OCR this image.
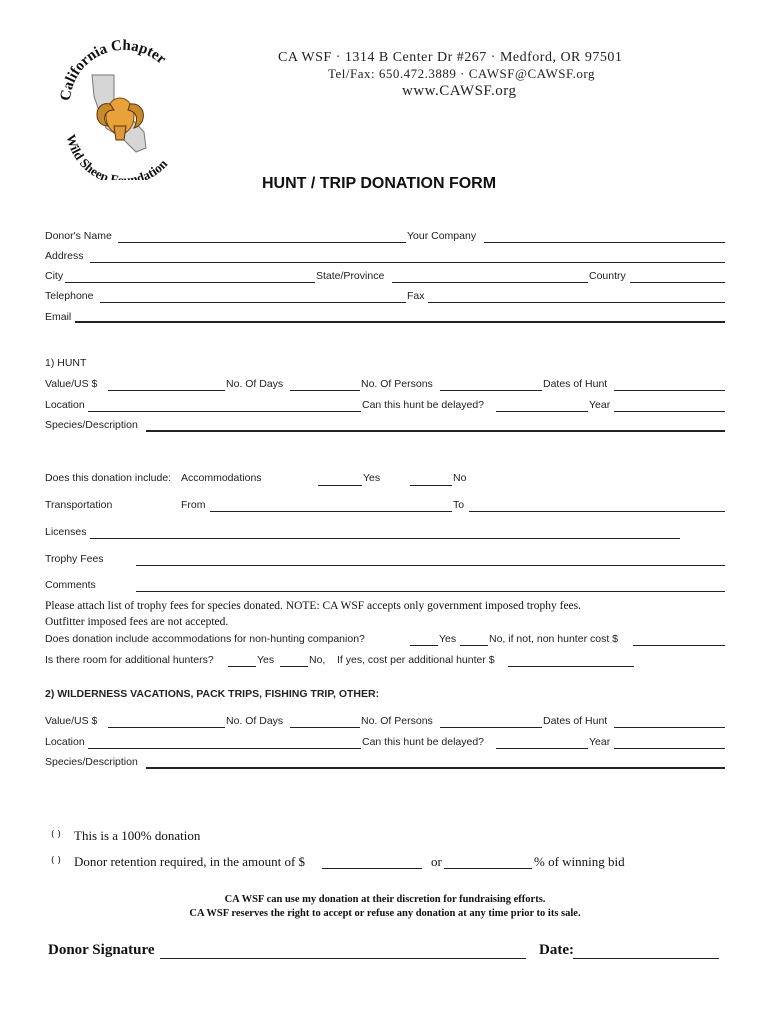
California Chapter
Wild Sheep Foundation
CA WSF · 1314 B Center Dr #267 · Medford, OR 97501
Tel/Fax: 650.472.3889 · CAWSF@CAWSF.org
www.CAWSF.org
HUNT / TRIP DONATION FORM
Donor's Name	Your Company
Address
City	State/Province	Country
Telephone	Fax
Email
1) HUNT
Value/US $	No. Of Days	No. Of Persons	Dates of Hunt
Location	Can this hunt be delayed?	Year
Species/Description
Does this donation include: Accommodations	Yes	No
Transportation	From	To
Licenses
Trophy Fees
Comments
Please attach list of trophy fees for species donated. NOTE: CA WSF accepts only government imposed trophy fees.
Outfitter imposed fees are not accepted.
Does donation include accommodations for non-hunting companion?	Yes	No, if not, non hunter cost $
Is there room for additional hunters?	Yes	No, If yes, cost per additional hunter $
2) WILDERNESS VACATIONS, PACK TRIPS, FISHING TRIP, OTHER:
Value/US $	No. Of Days	No. Of Persons	Dates of Hunt
Location	Can this hunt be delayed?	Year
Species/Description
( ) This is a 100% donation
( ) Donor retention required, in the amount of $	or	% of winning bid
CA WSF can use my donation at their discretion for fundraising efforts.
CA WSF reserves the right to accept or refuse any donation at any time prior to its sale.
Donor Signature	Date:
